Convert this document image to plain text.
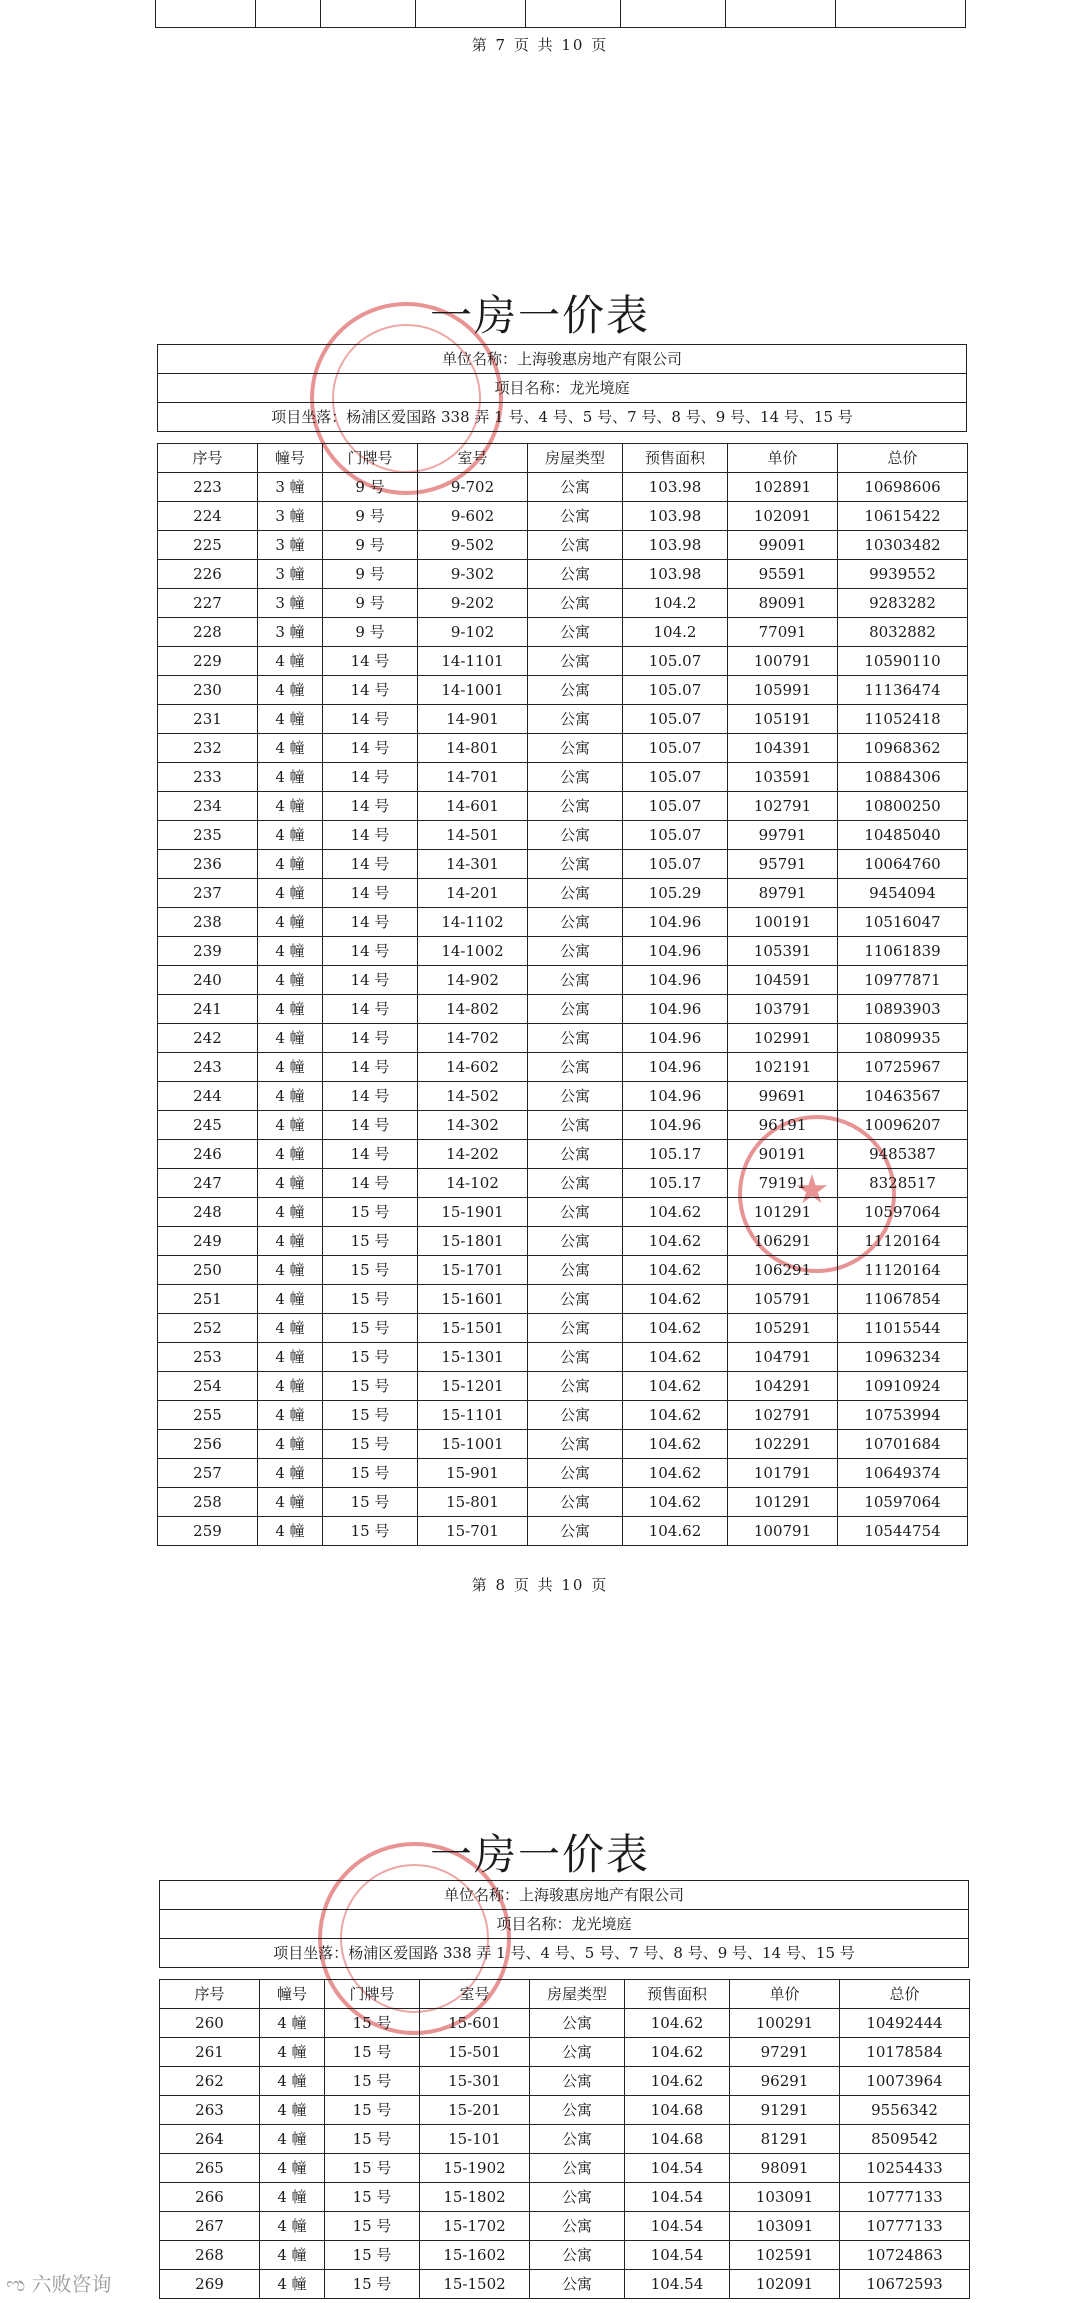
第 7 页 共 10 页
★
一房一价表
单位名称：上海骏惠房地产有限公司
项目名称：龙光境庭
项目坐落：杨浦区爱国路 338 弄 1 号、4 号、5 号、7 号、8 号、9 号、14 号、15 号
序号	幢号	门牌号	室号	房屋类型	预售面积	单价	总价
223	3 幢	9 号	9-702	公寓	103.98	102891	10698606
224	3 幢	9 号	9-602	公寓	103.98	102091	10615422
225	3 幢	9 号	9-502	公寓	103.98	99091	10303482
226	3 幢	9 号	9-302	公寓	103.98	95591	9939552
227	3 幢	9 号	9-202	公寓	104.2	89091	9283282
228	3 幢	9 号	9-102	公寓	104.2	77091	8032882
229	4 幢	14 号	14-1101	公寓	105.07	100791	10590110
230	4 幢	14 号	14-1001	公寓	105.07	105991	11136474
231	4 幢	14 号	14-901	公寓	105.07	105191	11052418
232	4 幢	14 号	14-801	公寓	105.07	104391	10968362
233	4 幢	14 号	14-701	公寓	105.07	103591	10884306
234	4 幢	14 号	14-601	公寓	105.07	102791	10800250
235	4 幢	14 号	14-501	公寓	105.07	99791	10485040
236	4 幢	14 号	14-301	公寓	105.07	95791	10064760
237	4 幢	14 号	14-201	公寓	105.29	89791	9454094
238	4 幢	14 号	14-1102	公寓	104.96	100191	10516047
239	4 幢	14 号	14-1002	公寓	104.96	105391	11061839
240	4 幢	14 号	14-902	公寓	104.96	104591	10977871
241	4 幢	14 号	14-802	公寓	104.96	103791	10893903
242	4 幢	14 号	14-702	公寓	104.96	102991	10809935
243	4 幢	14 号	14-602	公寓	104.96	102191	10725967
244	4 幢	14 号	14-502	公寓	104.96	99691	10463567
245	4 幢	14 号	14-302	公寓	104.96	96191	10096207
246	4 幢	14 号	14-202	公寓	105.17	90191	9485387
247	4 幢	14 号	14-102	公寓	105.17	79191	8328517
248	4 幢	15 号	15-1901	公寓	104.62	101291	10597064
249	4 幢	15 号	15-1801	公寓	104.62	106291	11120164
250	4 幢	15 号	15-1701	公寓	104.62	106291	11120164
251	4 幢	15 号	15-1601	公寓	104.62	105791	11067854
252	4 幢	15 号	15-1501	公寓	104.62	105291	11015544
253	4 幢	15 号	15-1301	公寓	104.62	104791	10963234
254	4 幢	15 号	15-1201	公寓	104.62	104291	10910924
255	4 幢	15 号	15-1101	公寓	104.62	102791	10753994
256	4 幢	15 号	15-1001	公寓	104.62	102291	10701684
257	4 幢	15 号	15-901	公寓	104.62	101791	10649374
258	4 幢	15 号	15-801	公寓	104.62	101291	10597064
259	4 幢	15 号	15-701	公寓	104.62	100791	10544754
第 8 页 共 10 页
一房一价表
单位名称：上海骏惠房地产有限公司
项目名称：龙光境庭
项目坐落：杨浦区爱国路 338 弄 1 号、4 号、5 号、7 号、8 号、9 号、14 号、15 号
序号	幢号	门牌号	室号	房屋类型	预售面积	单价	总价
260	4 幢	15 号	15-601	公寓	104.62	100291	10492444
261	4 幢	15 号	15-501	公寓	104.62	97291	10178584
262	4 幢	15 号	15-301	公寓	104.62	96291	10073964
263	4 幢	15 号	15-201	公寓	104.68	91291	9556342
264	4 幢	15 号	15-101	公寓	104.68	81291	8509542
265	4 幢	15 号	15-1902	公寓	104.54	98091	10254433
266	4 幢	15 号	15-1802	公寓	104.54	103091	10777133
267	4 幢	15 号	15-1702	公寓	104.54	103091	10777133
268	4 幢	15 号	15-1602	公寓	104.54	102591	10724863
269	4 幢	15 号	15-1502	公寓	104.54	102091	10672593
ಌ 六败咨询
